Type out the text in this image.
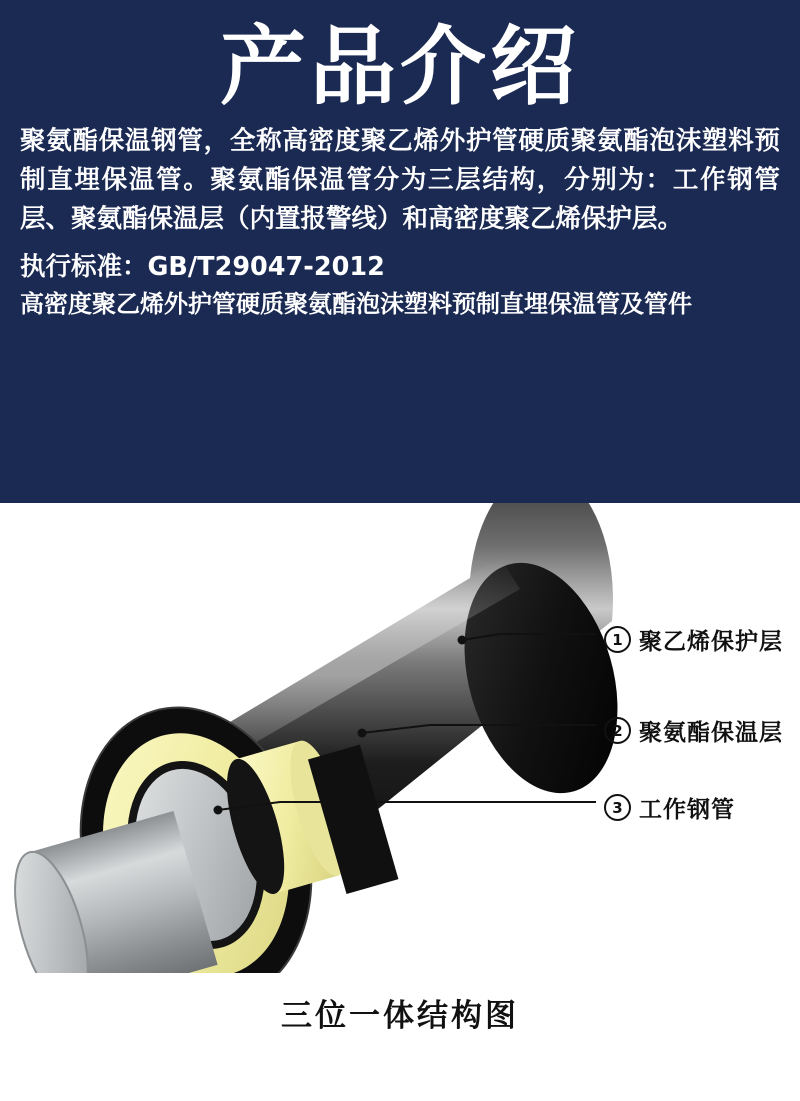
产品介绍
聚氨酯保温钢管，全称高密度聚乙烯外护管硬质聚氨酯泡沫塑料预制直埋保温管。聚氨酯保温管分为三层结构，分别为：工作钢管层、聚氨酯保温层（内置报警线）和高密度聚乙烯保护层。
执行标准：GB/T29047-2012
高密度聚乙烯外护管硬质聚氨酯泡沫塑料预制直埋保温管及管件
1 聚乙烯保护层
2 聚氨酯保温层
3 工作钢管
三位一体结构图
